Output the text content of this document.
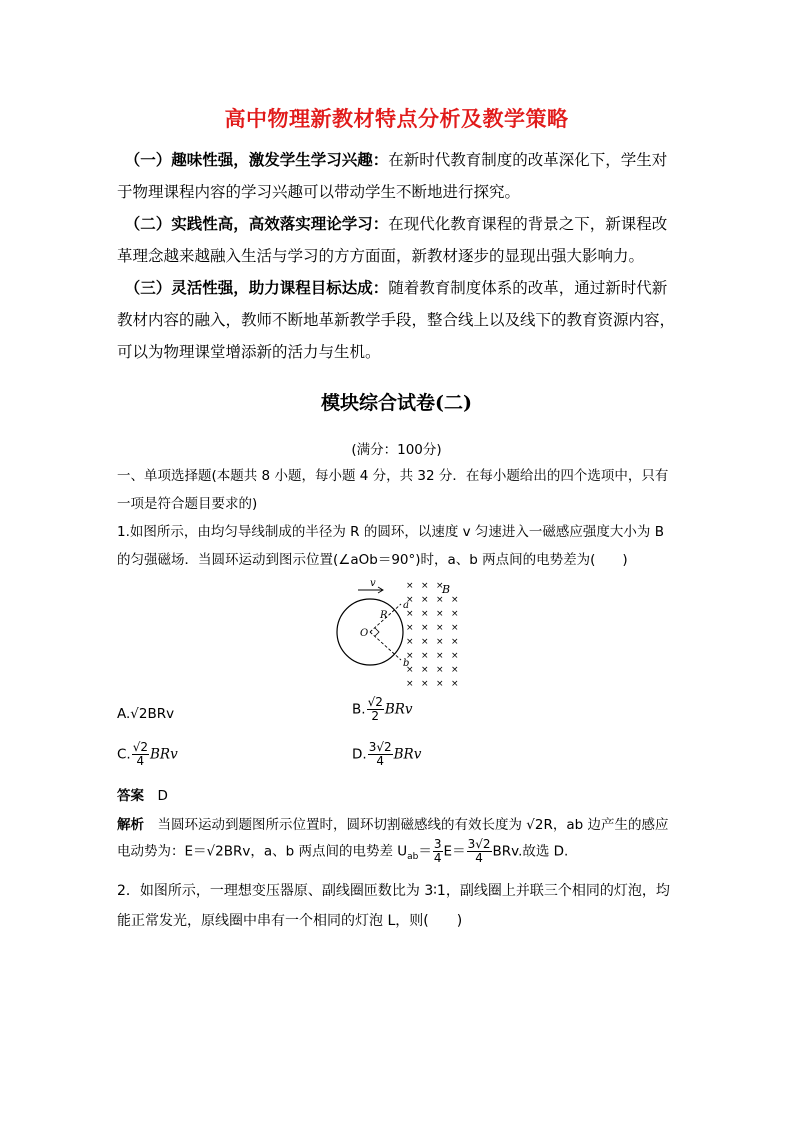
高中物理新教材特点分析及教学策略

 （一）趣味性强，激发学生学习兴趣：在新时代教育制度的改革深化下，学生对

于物理课程内容的学习兴趣可以带动学生不断地进行探究。

 （二）实践性高，高效落实理论学习：在现代化教育课程的背景之下，新课程改

革理念越来越融入生活与学习的方方面面，新教材逐步的显现出强大影响力。

 （三）灵活性强，助力课程目标达成：随着教育制度体系的改革，通过新时代新

教材内容的融入，教师不断地革新教学手段，整合线上以及线下的教育资源内容，

可以为物理课堂增添新的活力与生机。

模块综合试卷(二)
(满分：100分)
一、单项选择题(本题共 8 小题，每小题 4 分，共 32 分．在每小题给出的四个选项中，只有
一项是符合题目要求的)
1.如图所示，由均匀导线制成的半径为 R 的圆环，以速度 v 匀速进入一磁感应强度大小为 B
的匀强磁场．当圆环运动到图示位置(∠aOb＝90°)时，a、b 两点间的电势差为(　　)
v	B
R
a
O
b
× × ×
× × × ×
× × × ×
× × × ×
× × × ×
× × × ×
× × × ×
× × × ×
A.√2BRv	B. $\frac{√2}{2}$ BRv
C. $\frac{√2}{4}$ BRv	D. $\frac{3√2}{4}$ BRv
答案   D
解析   当圆环运动到题图所示位置时，圆环切割磁感线的有效长度为 √2R，ab 边产生的感应
电动势为：E＝√2BRv，a、b 两点间的电势差 $U_{ab}= \frac{3}{4} E= \frac{3√2}{4}$ BRv.故选 D.
2．如图所示，一理想变压器原、副线圈匝数比为 3∶1，副线圈上并联三个相同的灯泡，均
能正常发光，原线圈中串有一个相同的灯泡 L，则(　　)
